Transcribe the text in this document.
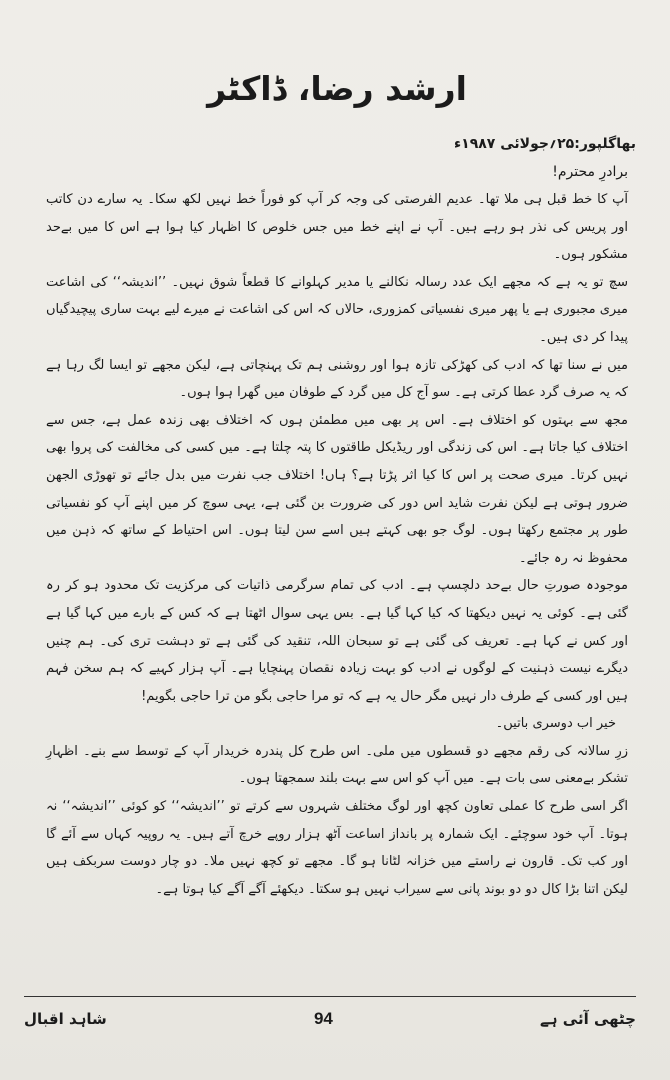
ارشد رضا، ڈاکٹر
بھاگلپور:۲۵؍جولائی ۱۹۸۷ء
برادرِ محترم!

آپ کا خط قبل ہی ملا تھا۔ عدیم الفرصتی کی وجہ کر آپ کو فوراً خط نہیں لکھ سکا۔ یہ سارے دن کاتب اور پریس کی نذر ہو رہے ہیں۔ آپ نے اپنے خط میں جس خلوص کا اظہار کیا ہوا ہے اس کا میں بےحد مشکور ہوں۔

سچ تو یہ ہے کہ مجھے ایک عدد رسالہ نکالنے یا مدیر کہلوانے کا قطعاً شوق نہیں۔ ’’اندیشہ‘‘ کی اشاعت میری مجبوری ہے یا پھر میری نفسیاتی کمزوری، حالاں کہ اس کی اشاعت نے میرے لیے بہت ساری پیچیدگیاں پیدا کر دی ہیں۔

میں نے سنا تھا کہ ادب کی کھڑکی تازہ ہوا اور روشنی ہم تک پہنچاتی ہے، لیکن مجھے تو ایسا لگ رہا ہے کہ یہ صرف گرد عطا کرتی ہے۔ سو آج کل میں گرد کے طوفان میں گھرا ہوا ہوں۔

مجھ سے بہتوں کو اختلاف ہے۔ اس پر بھی میں مطمئن ہوں کہ اختلاف بھی زندہ عمل ہے، جس سے اختلاف کیا جاتا ہے۔ اس کی زندگی اور ریڈیکل طاقتوں کا پتہ چلتا ہے۔ میں کسی کی مخالفت کی پروا بھی نہیں کرتا۔ میری صحت پر اس کا کیا اثر پڑتا ہے؟ ہاں! اختلاف جب نفرت میں بدل جائے تو تھوڑی الجھن ضرور ہوتی ہے لیکن نفرت شاید اس دور کی ضرورت بن گئی ہے، یہی سوچ کر میں اپنے آپ کو نفسیاتی طور پر مجتمع رکھتا ہوں۔ لوگ جو بھی کہتے ہیں اسے سن لیتا ہوں۔ اس احتیاط کے ساتھ کہ ذہن میں محفوظ نہ رہ جائے۔

موجودہ صورتِ حال بےحد دلچسپ ہے۔ ادب کی تمام سرگرمی ذاتیات کی مرکزیت تک محدود ہو کر رہ گئی ہے۔ کوئی یہ نہیں دیکھتا کہ کیا کہا گیا ہے۔ بس یہی سوال اٹھتا ہے کہ کس کے بارے میں کہا گیا ہے اور کس نے کہا ہے۔ تعریف کی گئی ہے تو سبحان اللہ، تنقید کی گئی ہے تو دہشت تری کی۔ ہم چنیں دیگرے نیست ذہنیت کے لوگوں نے ادب کو بہت زیادہ نقصان پہنچایا ہے۔ آپ ہزار کہیے کہ ہم سخن فہم ہیں اور کسی کے طرف دار نہیں مگر حال یہ ہے کہ تو مرا حاجی بگو من ترا حاجی بگویم!

خیر اب دوسری باتیں۔

زرِ سالانہ کی رقم مجھے دو قسطوں میں ملی۔ اس طرح کل پندرہ خریدار آپ کے توسط سے بنے۔ اظہارِ تشکر بےمعنی سی بات ہے۔ میں آپ کو اس سے بہت بلند سمجھتا ہوں۔

اگر اسی طرح کا عملی تعاون کچھ اور لوگ مختلف شہروں سے کرتے تو ’’اندیشہ‘‘ کو کوئی ’’اندیشہ‘‘ نہ ہوتا۔ آپ خود سوچئے۔ ایک شمارہ پر بانداز اساعت آٹھ ہزار روپے خرچ آتے ہیں۔ یہ روپیہ کہاں سے آئے گا اور کب تک۔ قارون نے راستے میں خزانہ لٹانا ہو گا۔ مجھے تو کچھ نہیں ملا۔ دو چار دوست سربکف ہیں لیکن اتنا بڑا کال دو دو بوند پانی سے سیراب نہیں ہو سکتا۔ دیکھئے آگے آگے کیا ہوتا ہے۔

شاہد اقبال	94	چٹھی آئی ہے
